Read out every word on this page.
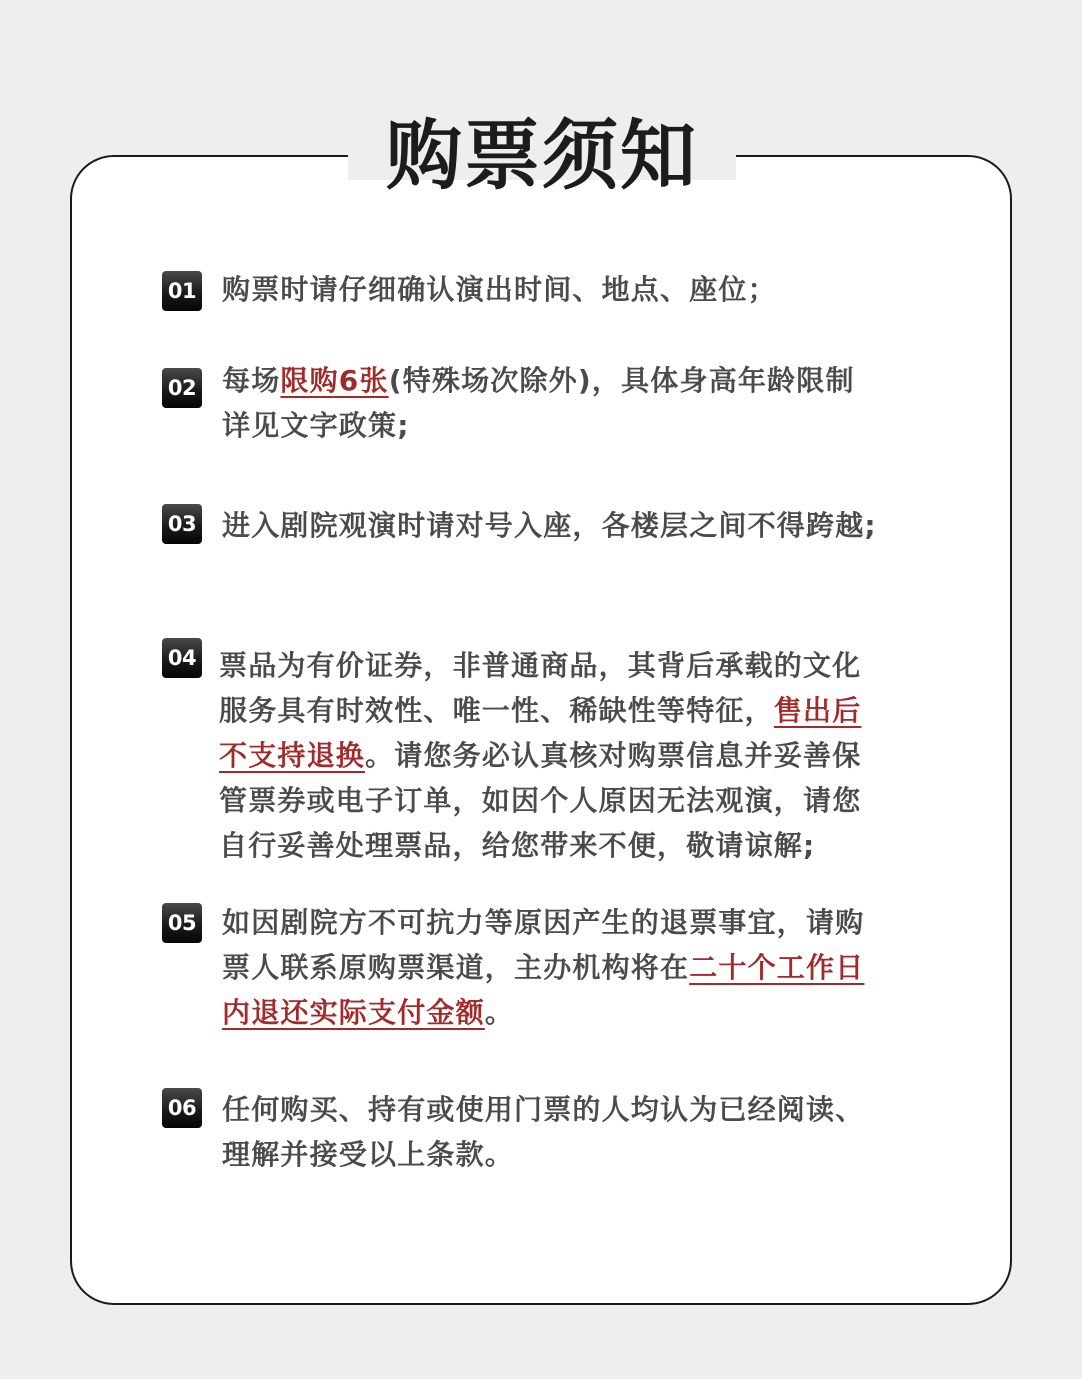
购票须知
01 购票时请仔细确认演出时间、地点、座位；
02 每场限购6张(特殊场次除外)，具体身高年龄限制
详见文字政策;
03 进入剧院观演时请对号入座，各楼层之间不得跨越;
04 票品为有价证券，非普通商品，其背后承载的文化
服务具有时效性、唯一性、稀缺性等特征，售出后
不支持退换。请您务必认真核对购票信息并妥善保
管票券或电子订单，如因个人原因无法观演，请您
自行妥善处理票品，给您带来不便，敬请谅解;
05 如因剧院方不可抗力等原因产生的退票事宜，请购
票人联系原购票渠道，主办机构将在二十个工作日
内退还实际支付金额。
06 任何购买、持有或使用门票的人均认为已经阅读、
理解并接受以上条款。
